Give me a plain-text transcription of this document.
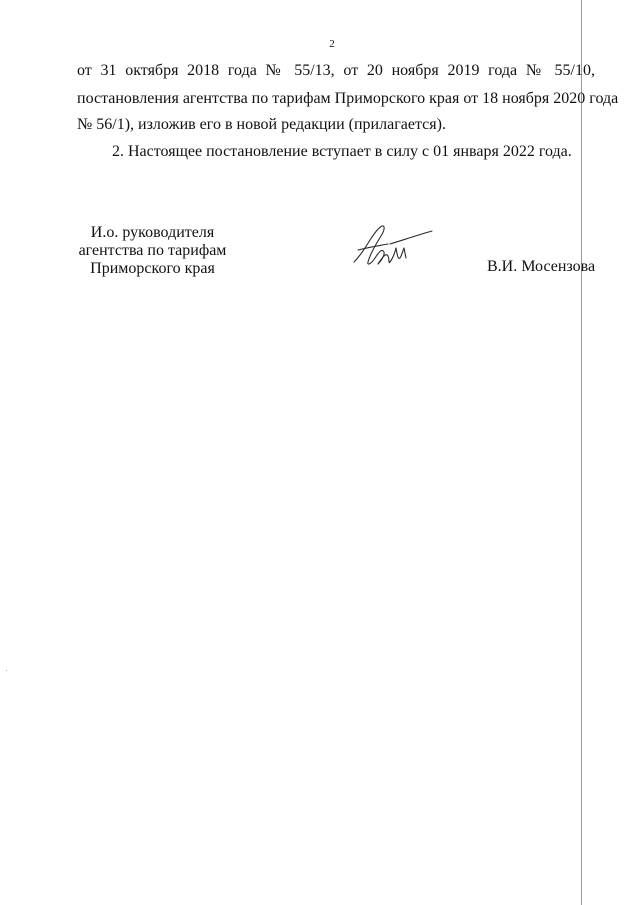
2
от 31 октября 2018 года № 55/13, от 20 ноября 2019 года № 55/10,
постановления агентства по тарифам Приморского края от 18 ноября 2020 года
№ 56/1), изложив его в новой редакции (прилагается).
2. Настоящее постановление вступает в силу с 01 января 2022 года.
И.о. руководителя
агентства по тарифам
Приморского края	В.И. Мосензова
